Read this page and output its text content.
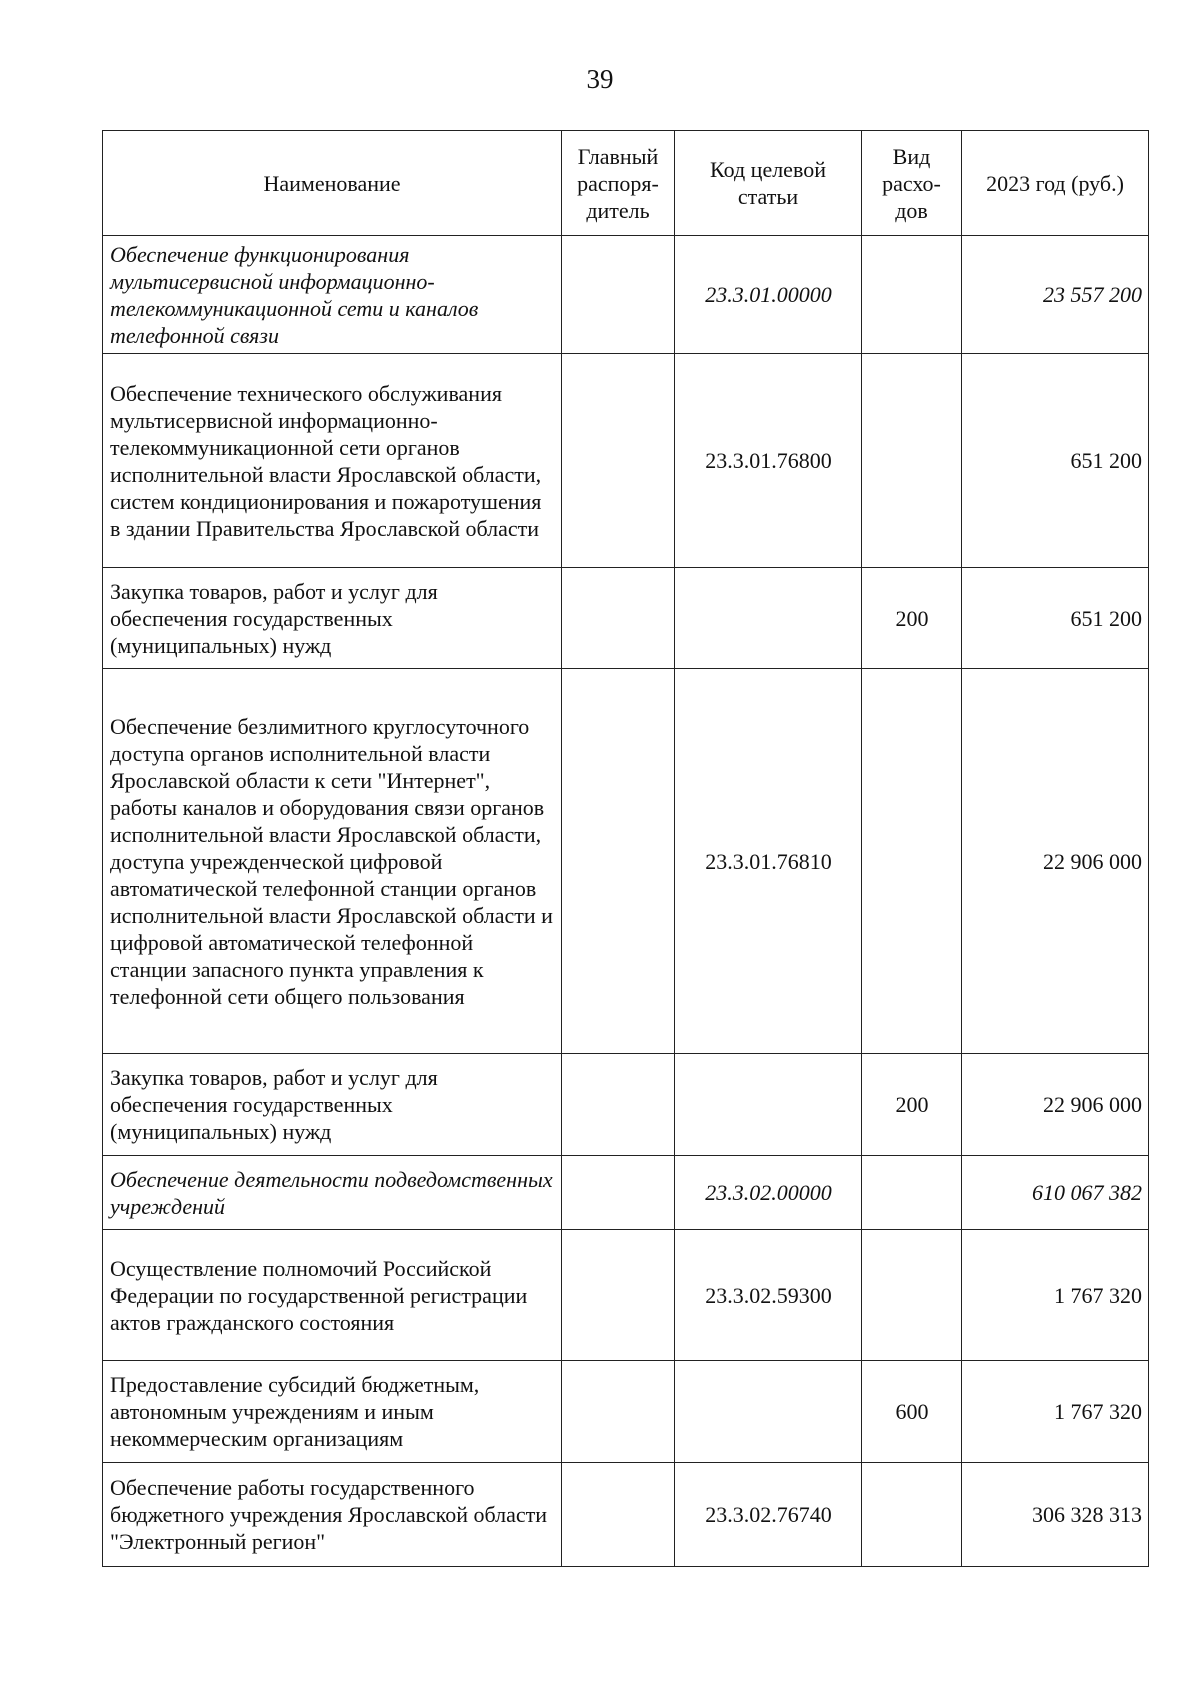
39
Наименование	Главный распоря-дитель	Код целевой статьи	Вид расхо-дов	2023 год (руб.)
Обеспечение функционирования мультисервисной информационно-телекоммуникационной сети и каналов телефонной связи		23.3.01.00000		23 557 200
Обеспечение технического обслуживания мультисервисной информационно-телекоммуникационной сети органов исполнительной власти Ярославской области, систем кондиционирования и пожаротушения в здании Правительства Ярославской области		23.3.01.76800		651 200
Закупка товаров, работ и услуг для обеспечения государственных (муниципальных) нужд			200	651 200
Обеспечение безлимитного круглосуточного доступа органов исполнительной власти Ярославской области к сети "Интернет", работы каналов и оборудования связи органов исполнительной власти Ярославской области, доступа учрежденческой цифровой автоматической телефонной станции органов исполнительной власти Ярославской области и цифровой автоматической телефонной станции запасного пункта управления к телефонной сети общего пользования		23.3.01.76810		22 906 000
Закупка товаров, работ и услуг для обеспечения государственных (муниципальных) нужд			200	22 906 000
Обеспечение деятельности подведомственных учреждений		23.3.02.00000		610 067 382
Осуществление полномочий Российской Федерации по государственной регистрации актов гражданского состояния		23.3.02.59300		1 767 320
Предоставление субсидий бюджетным, автономным учреждениям и иным некоммерческим организациям			600	1 767 320
Обеспечение работы государственного бюджетного учреждения Ярославской области "Электронный регион"		23.3.02.76740		306 328 313
